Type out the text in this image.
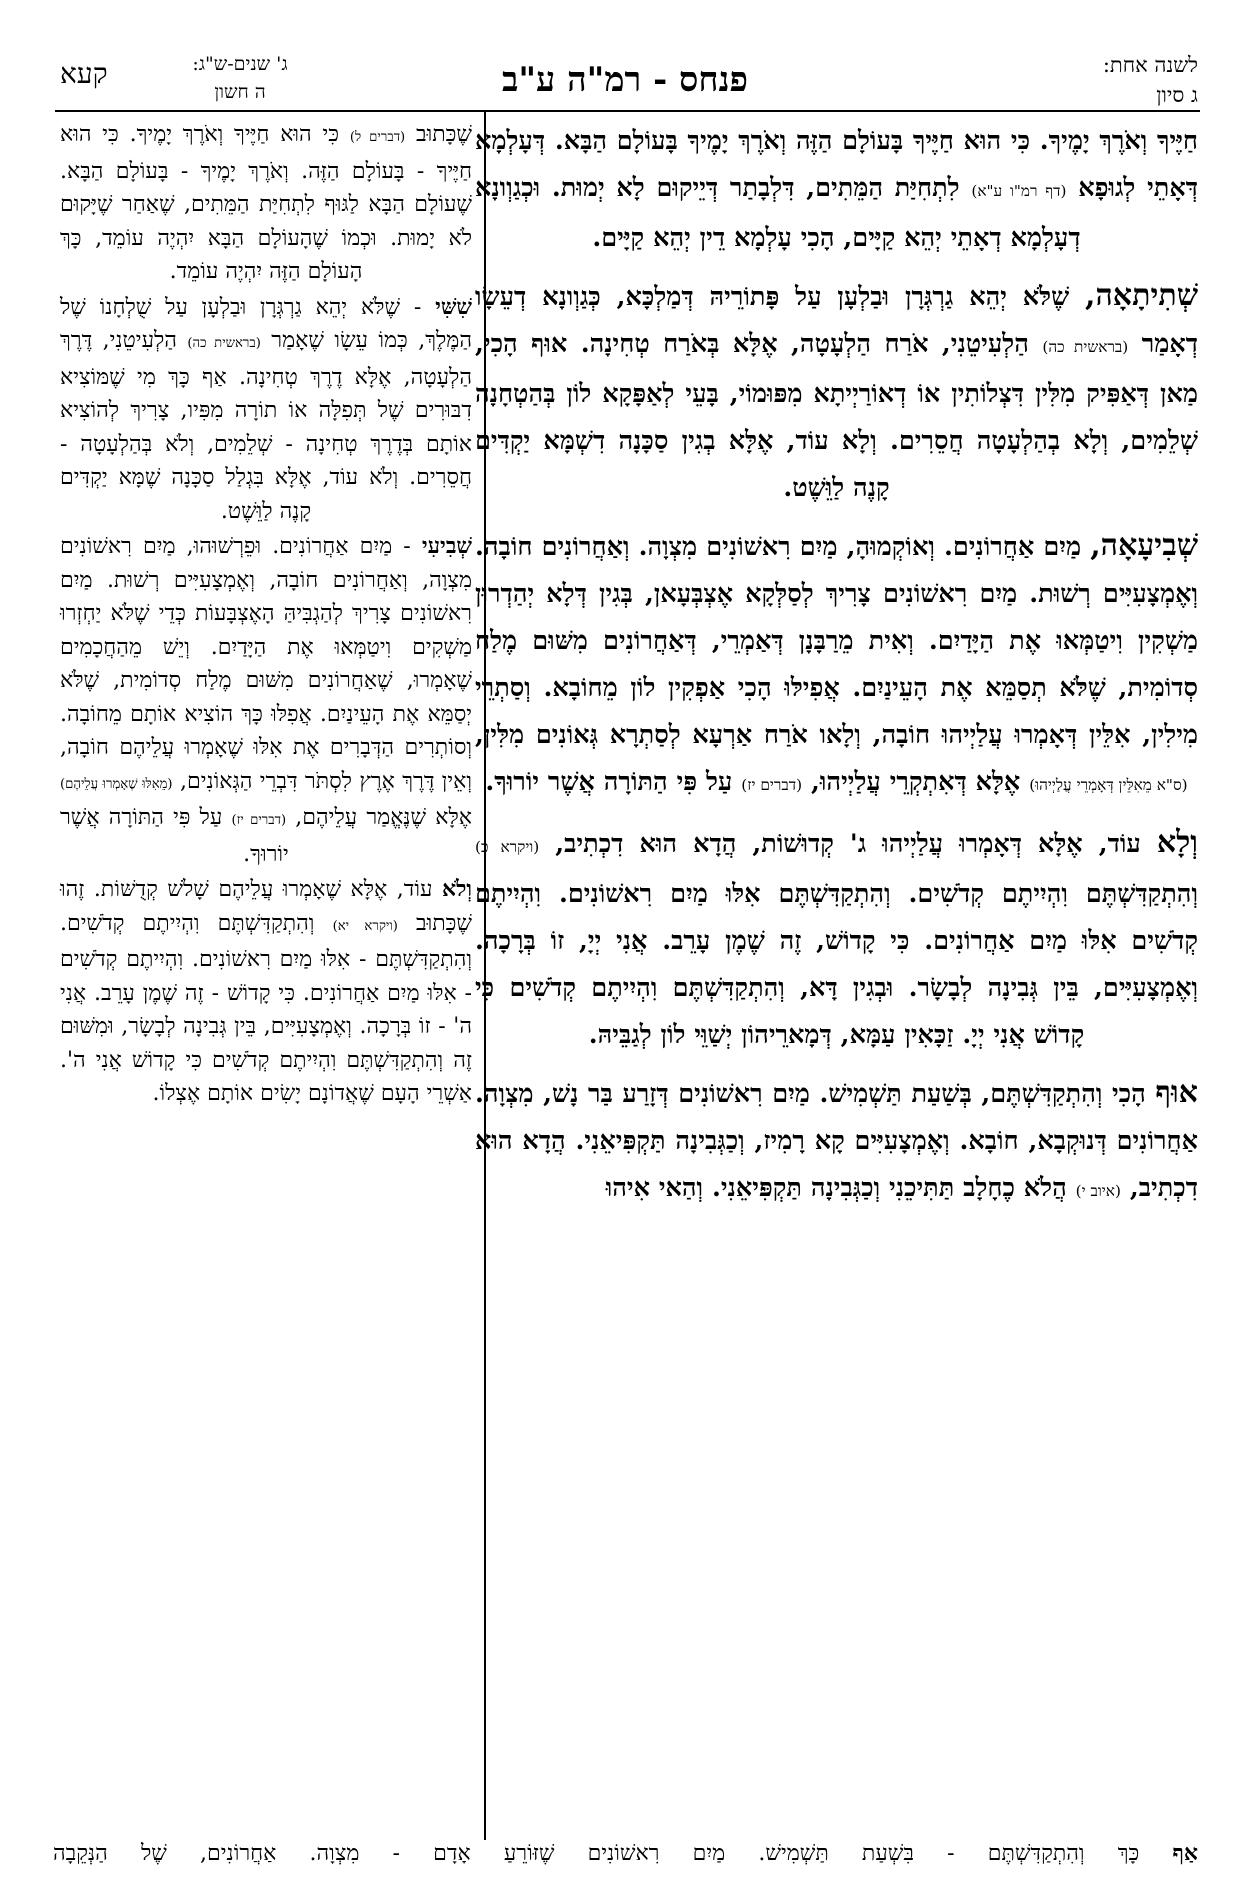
לשנה אחת:
ג סיון
פנחס - רמ"ה ע"ב
ג' שנים-ש"ג:
ה חשון
קעא

חַיֶּיךָ וְאֹרֶךְ יָמֶיךָ. כִּי הוּא חַיֶּיךָ בָּעוֹלָם הַזֶּה וְאֹרֶךְ יָמֶיךָ בָּעוֹלָם הַבָּא. דְּעָלְמָא דְּאָתֵי לְגוּפָא (דף רמ"ו ע"א) לִתְחִיַּת הַמֵּתִים, דִּלְבָתַר דְּיֵיקוּם לָא יְמוּת. וּכְגַוְונָא דְעָלְמָא דְאָתֵי יְהֵא קַיָּים, הָכִי עָלְמָא דֵין יְהֵא קַיָּים.

שְׁתִיתָאָה, שֶׁלֹּא יְהֵא גַרְגְּרָן וּבַלְעָן עַל פָּתוֹרֵיהּ דְּמַלְכָּא, כְּגַוְונָא דְעֵשָׂו דְאָמַר (בראשית כה) הַלְעִיטֵנִי, אֹרַח הַלְעָטָה, אֶלָּא בְּאֹרַח טְחִינָה. אוּף הָכִי, מַאן דְּאַפִּיק מִלִּין דִּצְלוֹתִין אוֹ דְאוֹרַיְיתָא מִפּוּמוֹי, בָּעֵי לְאַפָּקָא לוֹן בְּהַטְחָנָה שְׁלֵמִים, וְלָא בְהַלְעָטָה חֲסֵרִים. וְלָא עוֹד, אֶלָּא בְגִין סַכָּנָה דִשְׁמָּא יַקְדִּים קָנֶה לַוֵּשֶׁט.

שְׁבִיעָאָה, מַיִם אַחֲרוֹנִים. וְאוֹקְמוּהָ, מַיִם רִאשׁוֹנִים מִצְוָה. וְאַחֲרוֹנִים חוֹבָה. וְאֶמְצָעִיִּים רְשׁוּת. מַיִם רִאשׁוֹנִים צָרִיךְ לְסַלְּקָא אֶצְבְּעָאן, בְּגִין דְּלָא יְהַדְרוּן מַשְׁקִין וִיטַמְּאוּ אֶת הַיָּדַיִם. וְאִית מֵרַבָּנָן דְּאַמְרֵי, דְּאַחֲרוֹנִים מִשּׁוּם מֶלַח סְדוֹמִית, שֶׁלֹּא תְסַמֵּא אֶת הָעֵינַיִם. אֲפִילּוּ הָכִי אַפְקִין לוֹן מֵחוֹבָא. וְסַתְרֵי מִילִין, אִלֵּין דְּאָמְרוּ עֲלַיְיהוּ חוֹבָה, וְלָאו אֹרַח אַרְעָא לְסַתְרָא גְּאוֹנִים מִלִּין, (ס"א מֵאִלֵּין דְּאָמְרֵי עֲלַיְיהוּ) אֶלָּא דְּאִתְקְרֵי עֲלַיְיהוּ, (דברים יז) עַל פִּי הַתּוֹרָה אֲשֶׁר יוֹרוּךָ.

וְלָא עוֹד, אֶלָּא דְּאָמְרוּ עֲלַיְיהוּ ג' קְדוּשׁוֹת, הֲדָא הוּא דִכְתִיב, (ויקרא כ) וְהִתְקַדִּשְׁתֶּם וִהְיִיתֶם קְדֹשִׁים. וְהִתְקַדִּשְׁתֶּם אִלּוּ מַיִם רִאשׁוֹנִים. וִהְיִיתֶם קְדֹשִׁים אִלּוּ מַיִם אַחֲרוֹנִים. כִּי קָדוֹשׁ, זֶה שֶׁמֶן עָרֵב. אֲנִי יְיָ, זוֹ בְּרָכָה. וְאֶמְצָעִיִּים, בֵּין גְּבִינָה לְבָשָׂר. וּבְגִין דָּא, וְהִתְקַדִּשְׁתֶּם וִהְיִיתֶם קְדֹשִׁים כִּי קָדוֹשׁ אֲנִי יְיָ. זַכָּאִין עַמָּא, דְּמָארֵיהוֹן יְשַׁוֵּי לוֹן לְגַבֵּיהּ.

אוּף הָכִי וְהִתְקַדִּשְׁתֶּם, בְּשַׁעַת תַּשְׁמִישׁ. מַיִם רִאשׁוֹנִים דְּזָרַע בַּר נָשׁ, מִצְוָה. אַחֲרוֹנִים דְּנוּקְבָא, חוֹבָא. וְאֶמְצָעִיִּים קָא רָמִיז, וְכַגְּבִינָה תַּקְפִּיאֵנִי. הֲדָא הוּא דִכְתִיב, (איוב י) הֲלֹא כֶחָלָב תַּתִּיכֵנִי וְכַגְּבִינָה תַּקְפִּיאֵנִי. וְהַאי אִיהוּ

שֶׁכָּתוּב (דברים ל) כִּי הוּא חַיֶּיךָ וְאֹרֶךְ יָמֶיךָ. כִּי הוּא חַיֶּיךָ - בָּעוֹלָם הַזֶּה. וְאֹרֶךְ יָמֶיךָ - בָּעוֹלָם הַבָּא. שֶׁעוֹלָם הַבָּא לַגּוּף לִתְחִיַּת הַמֵּתִים, שֶׁאַחַר שֶׁיָּקוּם לֹא יָמוּת. וּכְמוֹ שֶׁהָעוֹלָם הַבָּא יִהְיֶה עוֹמֵד, כָּךְ הָעוֹלָם הַזֶּה יִהְיֶה עוֹמֵד.

שִׁשִּׁי - שֶׁלֹּא יְהֵא גַרְגְּרָן וּבַלְעָן עַל שֻׁלְחָנוֹ שֶׁל הַמֶּלֶךְ, כְּמוֹ עֵשָׂו שֶׁאָמַר (בראשית כה) הַלְעִיטֵנִי, דֶּרֶךְ הַלְעָטָה, אֶלָּא דֶרֶךְ טְחִינָה. אַף כָּךְ מִי שֶׁמּוֹצִיא דִבּוּרִים שֶׁל תְּפִלָּה אוֹ תוֹרָה מִפִּיו, צָרִיךְ לְהוֹצִיא אוֹתָם בְּדֶרֶךְ טְחִינָה - שְׁלֵמִים, וְלֹא בְּהַלְעָטָה - חֲסֵרִים. וְלֹא עוֹד, אֶלָּא בִּגְלַל סַכָּנָה שֶׁמָּא יַקְדִּים קָנֶה לַוֵּשֶׁט.

שְׁבִיעִי - מַיִם אַחֲרוֹנִים. וּפֵרְשׁוּהוּ, מַיִם רִאשׁוֹנִים מִצְוָה, וְאַחֲרוֹנִים חוֹבָה, וְאֶמְצָעִיִּים רְשׁוּת. מַיִם רִאשׁוֹנִים צָרִיךְ לְהַגְבִּיהַּ הָאֶצְבָּעוֹת כְּדֵי שֶׁלֹּא יַחְזְרוּ מַשְׁקִים וִיטַמְּאוּ אֶת הַיָּדַיִם. וְיֵשׁ מֵהַחֲכָמִים שֶׁאָמְרוּ, שֶׁאַחֲרוֹנִים מִשּׁוּם מֶלַח סְדוֹמִית, שֶׁלֹּא יְסַמֵּא אֶת הָעֵינַיִם. אֲפִלּוּ כָּךְ הוֹצִיא אוֹתָם מֵחוֹבָה. וְסוֹתְרִים הַדְּבָרִים אֶת אִלּוּ שֶׁאָמְרוּ עֲלֵיהֶם חוֹבָה, וְאֵין דֶּרֶךְ אֶרֶץ לִסְתֹּר דִּבְרֵי הַגְּאוֹנִים, (מֵאִלּוּ שֶׁאָמְרוּ עֲלֵיהֶם) אֶלָּא שֶׁנֶּאֱמַר עֲלֵיהֶם, (דברים יז) עַל פִּי הַתּוֹרָה אֲשֶׁר יוֹרוּךָ.

וְלֹא עוֹד, אֶלָּא שֶׁאָמְרוּ עֲלֵיהֶם שָׁלֹשׁ קְדֻשּׁוֹת. זֶהוּ שֶׁכָּתוּב (ויקרא יא) וְהִתְקַדִּשְׁתֶּם וִהְיִיתֶם קְדֹשִׁים. וְהִתְקַדִּשְׁתֶּם - אִלּוּ מַיִם רִאשׁוֹנִים. וִהְיִיתֶם קְדֹשִׁים - אִלּוּ מַיִם אַחֲרוֹנִים. כִּי קָדוֹשׁ - זֶה שֶׁמֶן עָרֵב. אֲנִי ה' - זוֹ בְּרָכָה. וְאֶמְצָעִיִּים, בֵּין גְּבִינָה לְבָשָׂר, וּמִשּׁוּם זֶה וְהִתְקַדִּשְׁתֶּם וִהְיִיתֶם קְדֹשִׁים כִּי קָדוֹשׁ אֲנִי ה'. אַשְׁרֵי הָעָם שֶׁאֲדוֹנָם יָשִׂים אוֹתָם אֶצְלוֹ.

אַף כָּךְ וְהִתְקַדִּשְׁתֶּם - בִּשְׁעַת תַּשְׁמִישׁ. מַיִם רִאשׁוֹנִים שֶׁזּוֹרֵעַ אָדָם - מִצְוָה. אַחֲרוֹנִים, שֶׁל הַנְּקֵבָה
